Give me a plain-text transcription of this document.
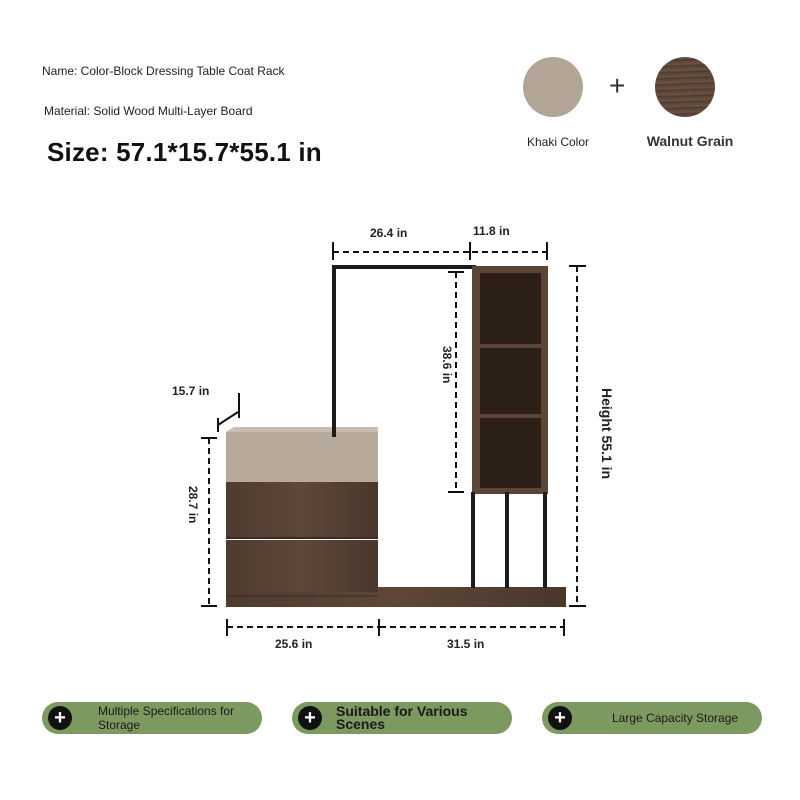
Name: Color-Block Dressing Table Coat Rack
Material: Solid Wood Multi-Layer Board
Size: 57.1*15.7*55.1 in
+
Khaki Color	Walnut Grain
26.4 in	11.8 in
15.7 in
38.6 in
Height 55.1 in
28.7 in
25.6 in	31.5 in
+	Multiple Specifications for Storage	+	Suitable for Various Scenes	+	Large Capacity Storage
